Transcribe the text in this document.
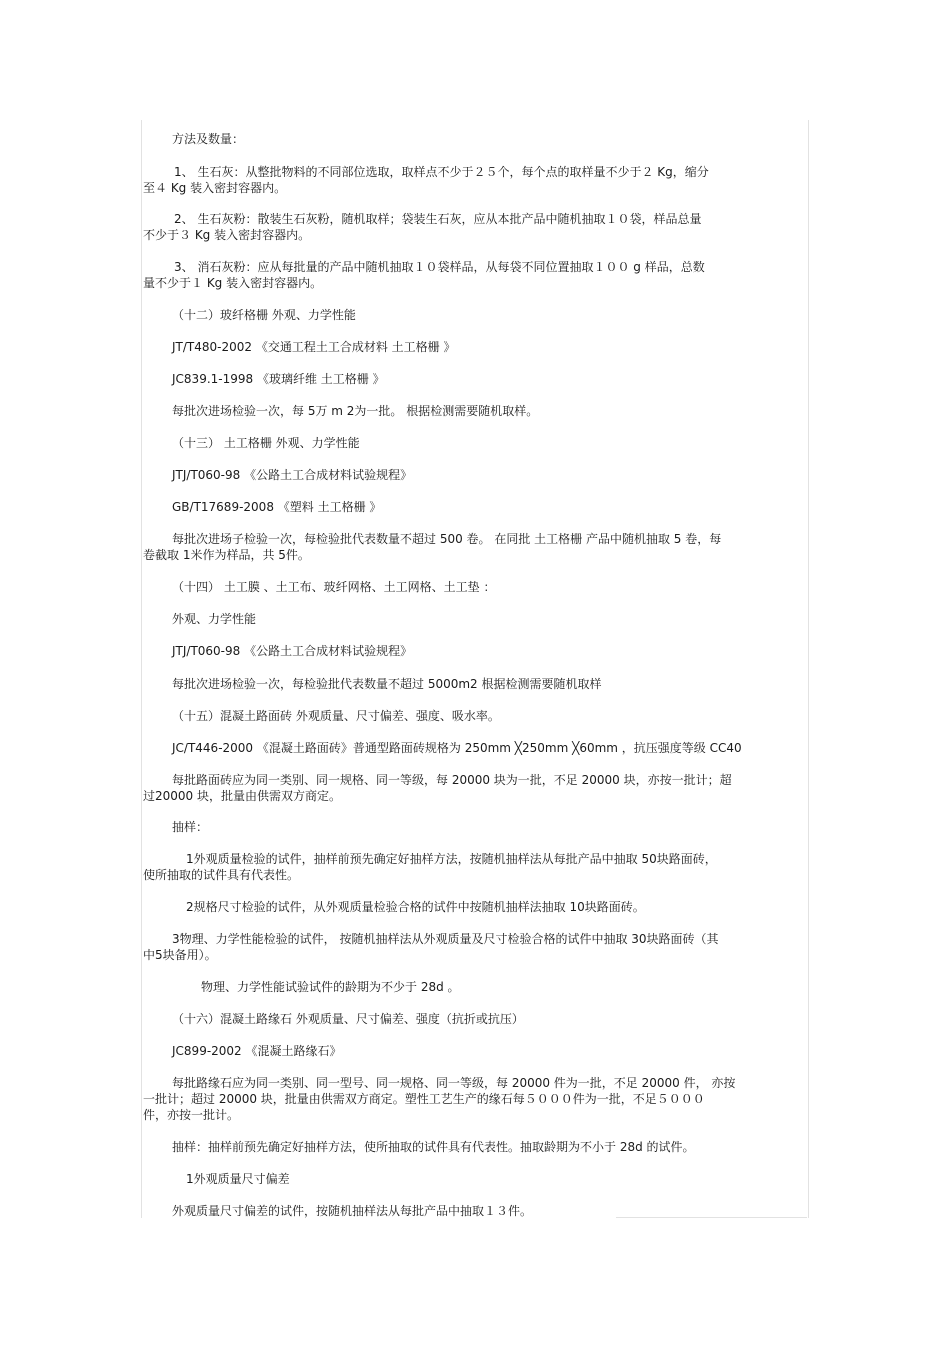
方法及数量：

1、 生石灰：从整批物料的不同部位选取，取样点不少于２５个，每个点的取样量不少于２ Kg，缩分

至４ Kg 装入密封容器内。

2、 生石灰粉：散装生石灰粉，随机取样；袋装生石灰，应从本批产品中随机抽取１０袋，样品总量

不少于３ Kg 装入密封容器内。

3、 消石灰粉：应从每批量的产品中随机抽取１０袋样品，从每袋不同位置抽取１００ g 样品，总数

量不少于１ Kg 装入密封容器内。

（十二）玻纤格栅 外观、力学性能

JT/T480-2002 《交通工程土工合成材料 土工格栅 》

JC839.1-1998 《玻璃纤维 土工格栅 》

每批次进场检验一次，每 5万 m 2为一批。 根据检测需要随机取样。

（十三） 土工格栅 外观、力学性能

JTJ/T060-98 《公路土工合成材料试验规程》

GB/T17689-2008 《塑料 土工格栅 》

每批次进场子检验一次，每检验批代表数量不超过 500 卷。 在同批 土工格栅 产品中随机抽取 5 卷，每

卷截取 1米作为样品，共 5件。

（十四） 土工膜 、土工布、玻纤网格、土工网格、土工垫 ：

外观、力学性能

JTJ/T060-98 《公路土工合成材料试验规程》

每批次进场检验一次，每检验批代表数量不超过 5000m2 根据检测需要随机取样

（十五）混凝土路面砖 外观质量、尺寸偏差、强度、吸水率。

JC/T446-2000 《混凝土路面砖》普通型路面砖规格为 250mm ╳250mm ╳60mm ，抗压强度等级 CC40

每批路面砖应为同一类别、同一规格、同一等级，每 20000 块为一批，不足 20000 块，亦按一批计；超

过20000 块，批量由供需双方商定。

抽样：

1外观质量检验的试件，抽样前预先确定好抽样方法，按随机抽样法从每批产品中抽取 50块路面砖，

使所抽取的试件具有代表性。

2规格尺寸检验的试件，从外观质量检验合格的试件中按随机抽样法抽取 10块路面砖。

3物理、力学性能检验的试件， 按随机抽样法从外观质量及尺寸检验合格的试件中抽取 30块路面砖（其

中5块备用）。

物理、力学性能试验试件的龄期为不少于 28d 。

（十六）混凝土路缘石 外观质量、尺寸偏差、强度（抗折或抗压）

JC899-2002 《混凝土路缘石》

每批路缘石应为同一类别、同一型号、同一规格、同一等级，每 20000 件为一批，不足 20000 件， 亦按

一批计；超过 20000 块，批量由供需双方商定。塑性工艺生产的缘石每５０００件为一批，不足５０００

件，亦按一批计。

抽样：抽样前预先确定好抽样方法，使所抽取的试件具有代表性。抽取龄期为不小于 28d 的试件。

1外观质量尺寸偏差

外观质量尺寸偏差的试件，按随机抽样法从每批产品中抽取１３件。
